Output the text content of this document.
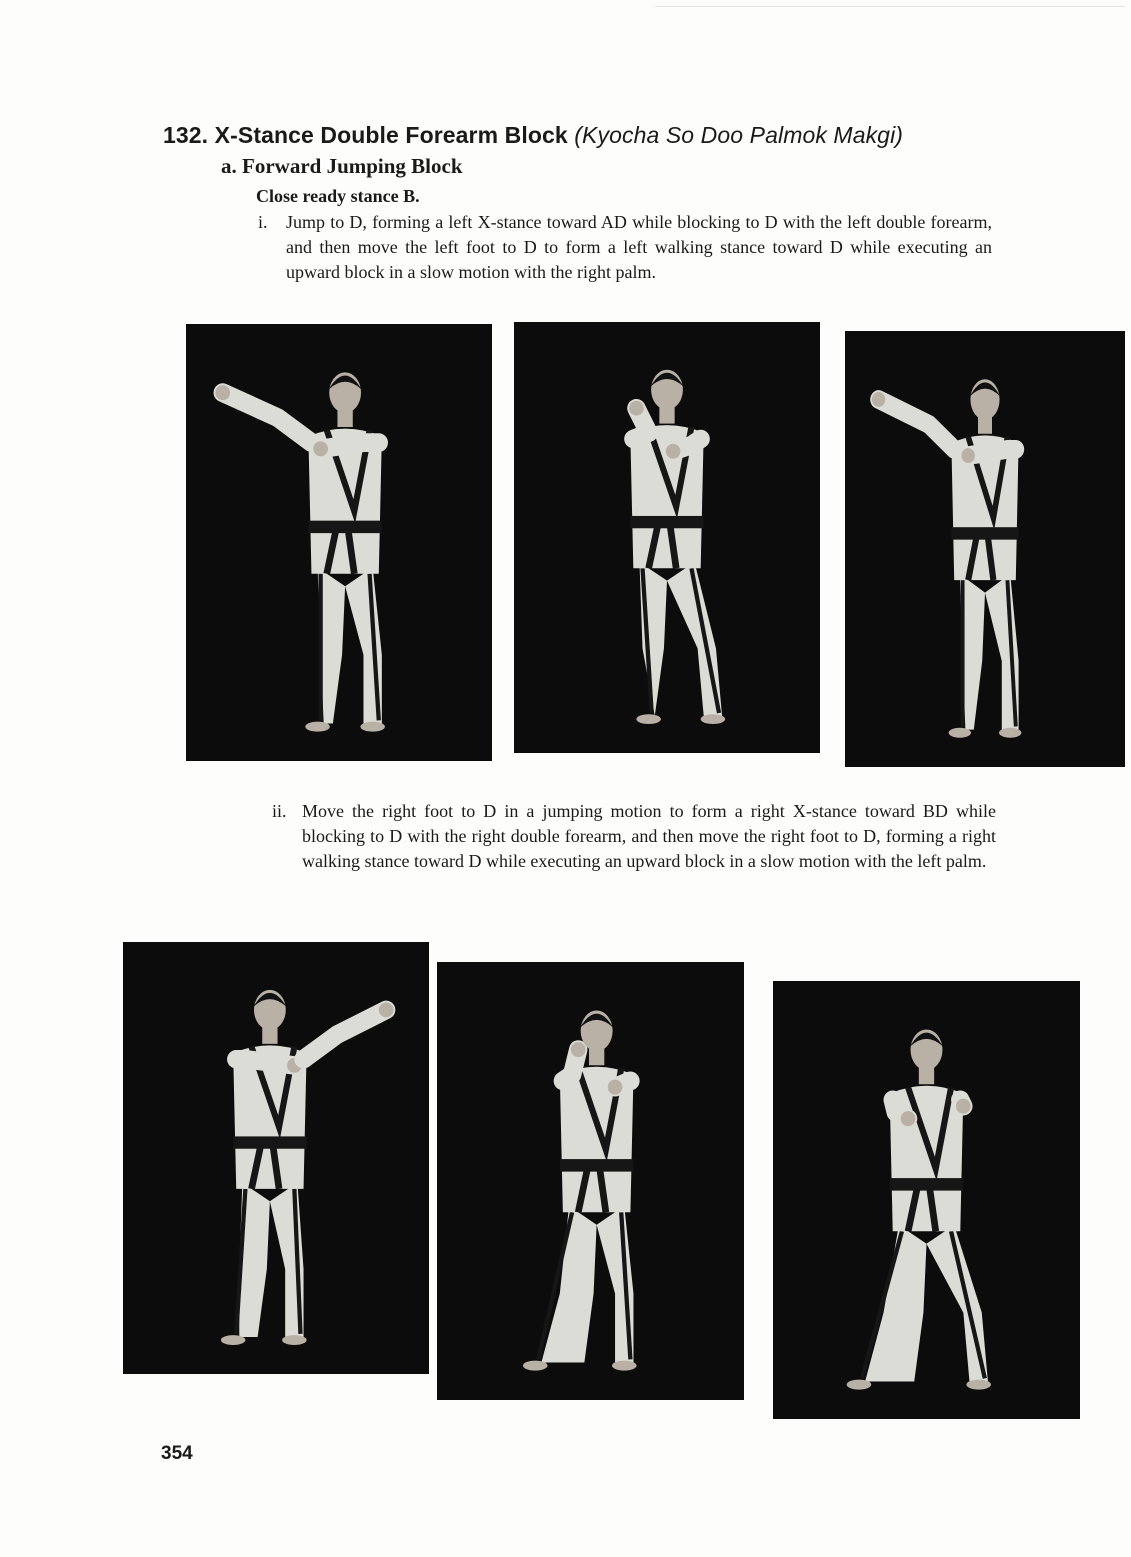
132. X-Stance Double Forearm Block (Kyocha So Doo Palmok Makgi)
a. Forward Jumping Block
Close ready stance B.
i.	Jump to D, forming a left X-stance toward AD while blocking to D with the left double forearm, and then move the left foot to D to form a left walking stance toward D while executing an upward block in a slow motion with the right palm.
ii. Move the right foot to D in a jumping motion to form a right X-stance toward BD while blocking to D with the right double forearm, and then move the right foot to D, forming a right walking stance toward D while executing an upward block in a slow motion with the left palm.
354
